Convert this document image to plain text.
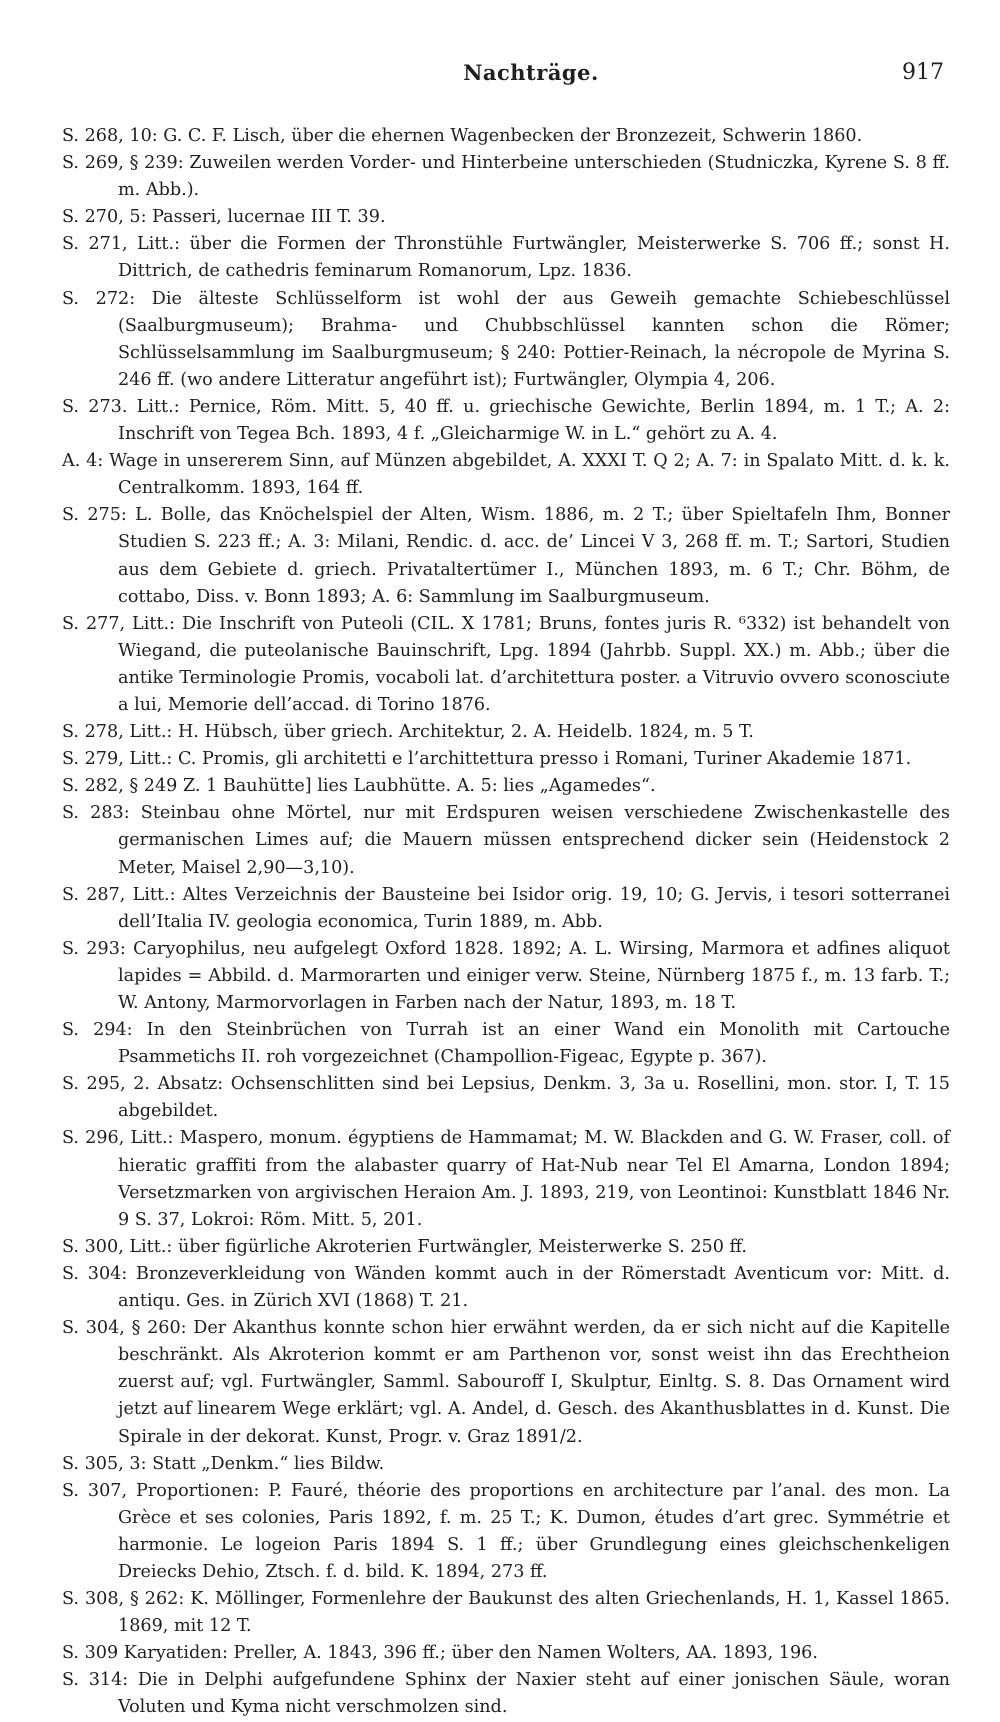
Nachträge.	917

S. 268, 10: G. C. F. Lisch, über die ehernen Wagenbecken der Bronzezeit, Schwerin 1860.

S. 269, § 239: Zuweilen werden Vorder- und Hinterbeine unterschieden (Studniczka, Kyrene S. 8 ff. m. Abb.).

S. 270, 5: Passeri, lucernae III T. 39.

S. 271, Litt.: über die Formen der Thronstühle Furtwängler, Meisterwerke S. 706 ff.; sonst H. Dittrich, de cathedris feminarum Romanorum, Lpz. 1836.

S. 272: Die älteste Schlüsselform ist wohl der aus Geweih gemachte Schiebeschlüssel (Saalburgmuseum); Brahma- und Chubbschlüssel kannten schon die Römer; Schlüsselsammlung im Saalburgmuseum; § 240: Pottier-Reinach, la nécropole de Myrina S. 246 ff. (wo andere Litteratur angeführt ist); Furtwängler, Olympia 4, 206.

S. 273. Litt.: Pernice, Röm. Mitt. 5, 40 ff. u. griechische Gewichte, Berlin 1894, m. 1 T.; A. 2: Inschrift von Tegea Bch. 1893, 4 f. „Gleicharmige W. in L.“ gehört zu A. 4.

A. 4: Wage in unsererem Sinn, auf Münzen abgebildet, A. XXXI T. Q 2; A. 7: in Spalato Mitt. d. k. k. Centralkomm. 1893, 164 ff.

S. 275: L. Bolle, das Knöchelspiel der Alten, Wism. 1886, m. 2 T.; über Spieltafeln Ihm, Bonner Studien S. 223 ff.; A. 3: Milani, Rendic. d. acc. de’ Lincei V 3, 268 ff. m. T.; Sartori, Studien aus dem Gebiete d. griech. Privataltertümer I., München 1893, m. 6 T.; Chr. Böhm, de cottabo, Diss. v. Bonn 1893; A. 6: Sammlung im Saalburgmuseum.

S. 277, Litt.: Die Inschrift von Puteoli (CIL. X 1781; Bruns, fontes juris R. ⁶332) ist behandelt von Wiegand, die puteolanische Bauinschrift, Lpg. 1894 (Jahrbb. Suppl. XX.) m. Abb.; über die antike Terminologie Promis, vocaboli lat. d’architettura poster. a Vitruvio ovvero sconosciute a lui, Memorie dell’accad. di Torino 1876.

S. 278, Litt.: H. Hübsch, über griech. Architektur, 2. A. Heidelb. 1824, m. 5 T.

S. 279, Litt.: C. Promis, gli architetti e l’archittettura presso i Romani, Turiner Akademie 1871.

S. 282, § 249 Z. 1 Bauhütte] lies Laubhütte. A. 5: lies „Agamedes“.

S. 283: Steinbau ohne Mörtel, nur mit Erdspuren weisen verschiedene Zwischenkastelle des germanischen Limes auf; die Mauern müssen entsprechend dicker sein (Heidenstock 2 Meter, Maisel 2,90—3,10).

S. 287, Litt.: Altes Verzeichnis der Bausteine bei Isidor orig. 19, 10; G. Jervis, i tesori sotterranei dell’Italia IV. geologia economica, Turin 1889, m. Abb.

S. 293: Caryophilus, neu aufgelegt Oxford 1828. 1892; A. L. Wirsing, Marmora et adfines aliquot lapides = Abbild. d. Marmorarten und einiger verw. Steine, Nürnberg 1875 f., m. 13 farb. T.; W. Antony, Marmorvorlagen in Farben nach der Natur, 1893, m. 18 T.

S. 294: In den Steinbrüchen von Turrah ist an einer Wand ein Monolith mit Cartouche Psammetichs II. roh vorgezeichnet (Champollion-Figeac, Egypte p. 367).

S. 295, 2. Absatz: Ochsenschlitten sind bei Lepsius, Denkm. 3, 3a u. Rosellini, mon. stor. I, T. 15 abgebildet.

S. 296, Litt.: Maspero, monum. égyptiens de Hammamat; M. W. Blackden and G. W. Fraser, coll. of hieratic graffiti from the alabaster quarry of Hat-Nub near Tel El Amarna, London 1894; Versetzmarken von argivischen Heraion Am. J. 1893, 219, von Leontinoi: Kunstblatt 1846 Nr. 9 S. 37, Lokroi: Röm. Mitt. 5, 201.

S. 300, Litt.: über figürliche Akroterien Furtwängler, Meisterwerke S. 250 ff.

S. 304: Bronzeverkleidung von Wänden kommt auch in der Römerstadt Aventicum vor: Mitt. d. antiqu. Ges. in Zürich XVI (1868) T. 21.

S. 304, § 260: Der Akanthus konnte schon hier erwähnt werden, da er sich nicht auf die Kapitelle beschränkt. Als Akroterion kommt er am Parthenon vor, sonst weist ihn das Erechtheion zuerst auf; vgl. Furtwängler, Samml. Sabouroff I, Skulptur, Einltg. S. 8. Das Ornament wird jetzt auf linearem Wege erklärt; vgl. A. Andel, d. Gesch. des Akanthusblattes in d. Kunst. Die Spirale in der dekorat. Kunst, Progr. v. Graz 1891/2.

S. 305, 3: Statt „Denkm.“ lies Bildw.

S. 307, Proportionen: P. Fauré, théorie des proportions en architecture par l’anal. des mon. La Grèce et ses colonies, Paris 1892, f. m. 25 T.; K. Dumon, études d’art grec. Symmétrie et harmonie. Le logeion Paris 1894 S. 1 ff.; über Grundlegung eines gleichschenkeligen Dreiecks Dehio, Ztsch. f. d. bild. K. 1894, 273 ff.

S. 308, § 262: K. Möllinger, Formenlehre der Baukunst des alten Griechenlands, H. 1, Kassel 1865. 1869, mit 12 T.

S. 309 Karyatiden: Preller, A. 1843, 396 ff.; über den Namen Wolters, AA. 1893, 196.

S. 314: Die in Delphi aufgefundene Sphinx der Naxier steht auf einer jonischen Säule, woran Voluten und Kyma nicht verschmolzen sind.
